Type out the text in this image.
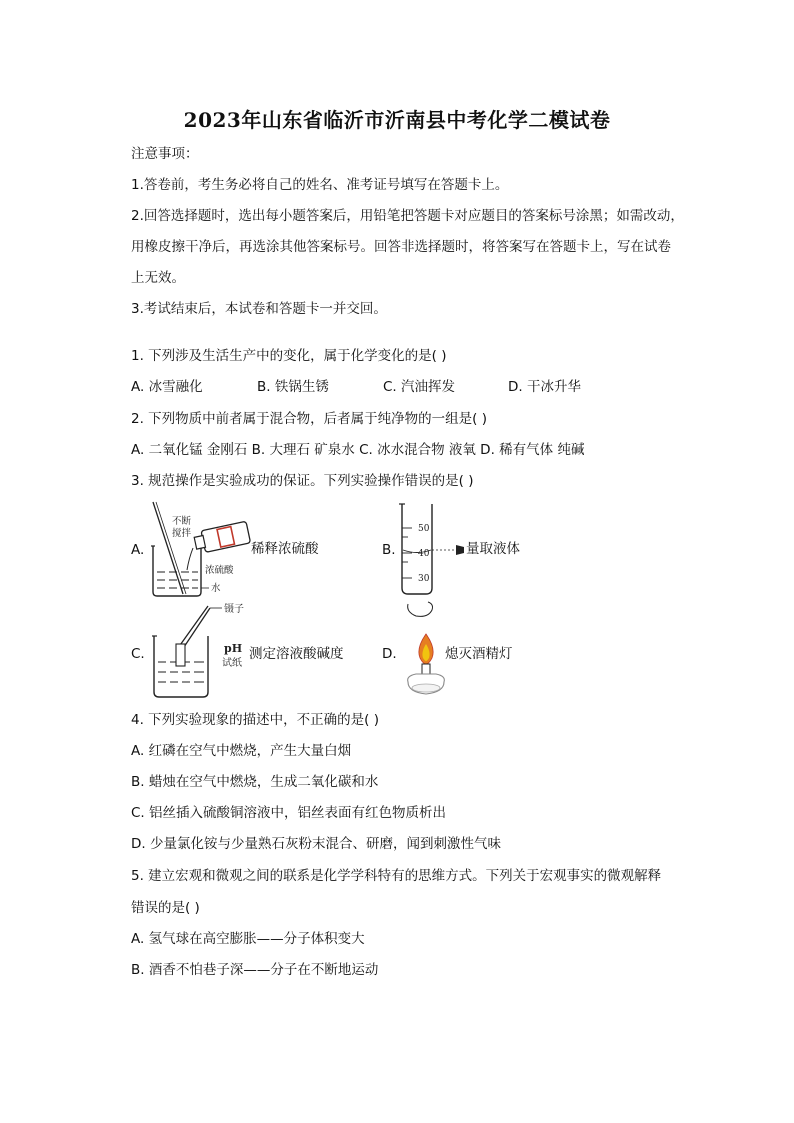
2023年山东省临沂市沂南县中考化学二模试卷
注意事项：
1.答卷前，考生务必将自己的姓名、准考证号填写在答题卡上。
2.回答选择题时，选出每小题答案后，用铅笔把答题卡对应题目的答案标号涂黑；如需改动，
用橡皮擦干净后，再选涂其他答案标号。回答非选择题时，将答案写在答题卡上，写在试卷
上无效。
3.考试结束后，本试卷和答题卡一并交回。
1. 下列涉及生活生产中的变化，属于化学变化的是( )
A. 冰雪融化	B. 铁锅生锈	C. 汽油挥发	D. 干冰升华
2. 下列物质中前者属于混合物，后者属于纯净物的一组是( )
A. 二氧化锰 金刚石 B. 大理石 矿泉水 C. 冰水混合物 液氧 D. 稀有气体 纯碱
3. 规范操作是实验成功的保证。下列实验操作错误的是( )
A.
不断
搅拌
浓硫酸
水
稀释浓硫酸	B.
50
40
30
量取液体
C.
镊子
pH
试纸
测定溶液酸碱度	D.	熄灭酒精灯
4. 下列实验现象的描述中，不正确的是( )
A. 红磷在空气中燃烧，产生大量白烟
B. 蜡烛在空气中燃烧，生成二氧化碳和水
C. 铝丝插入硫酸铜溶液中，铝丝表面有红色物质析出
D. 少量氯化铵与少量熟石灰粉末混合、研磨，闻到刺激性气味
5. 建立宏观和微观之间的联系是化学学科特有的思维方式。下列关于宏观事实的微观解释
错误的是( )
A. 氢气球在高空膨胀——分子体积变大
B. 酒香不怕巷子深——分子在不断地运动
